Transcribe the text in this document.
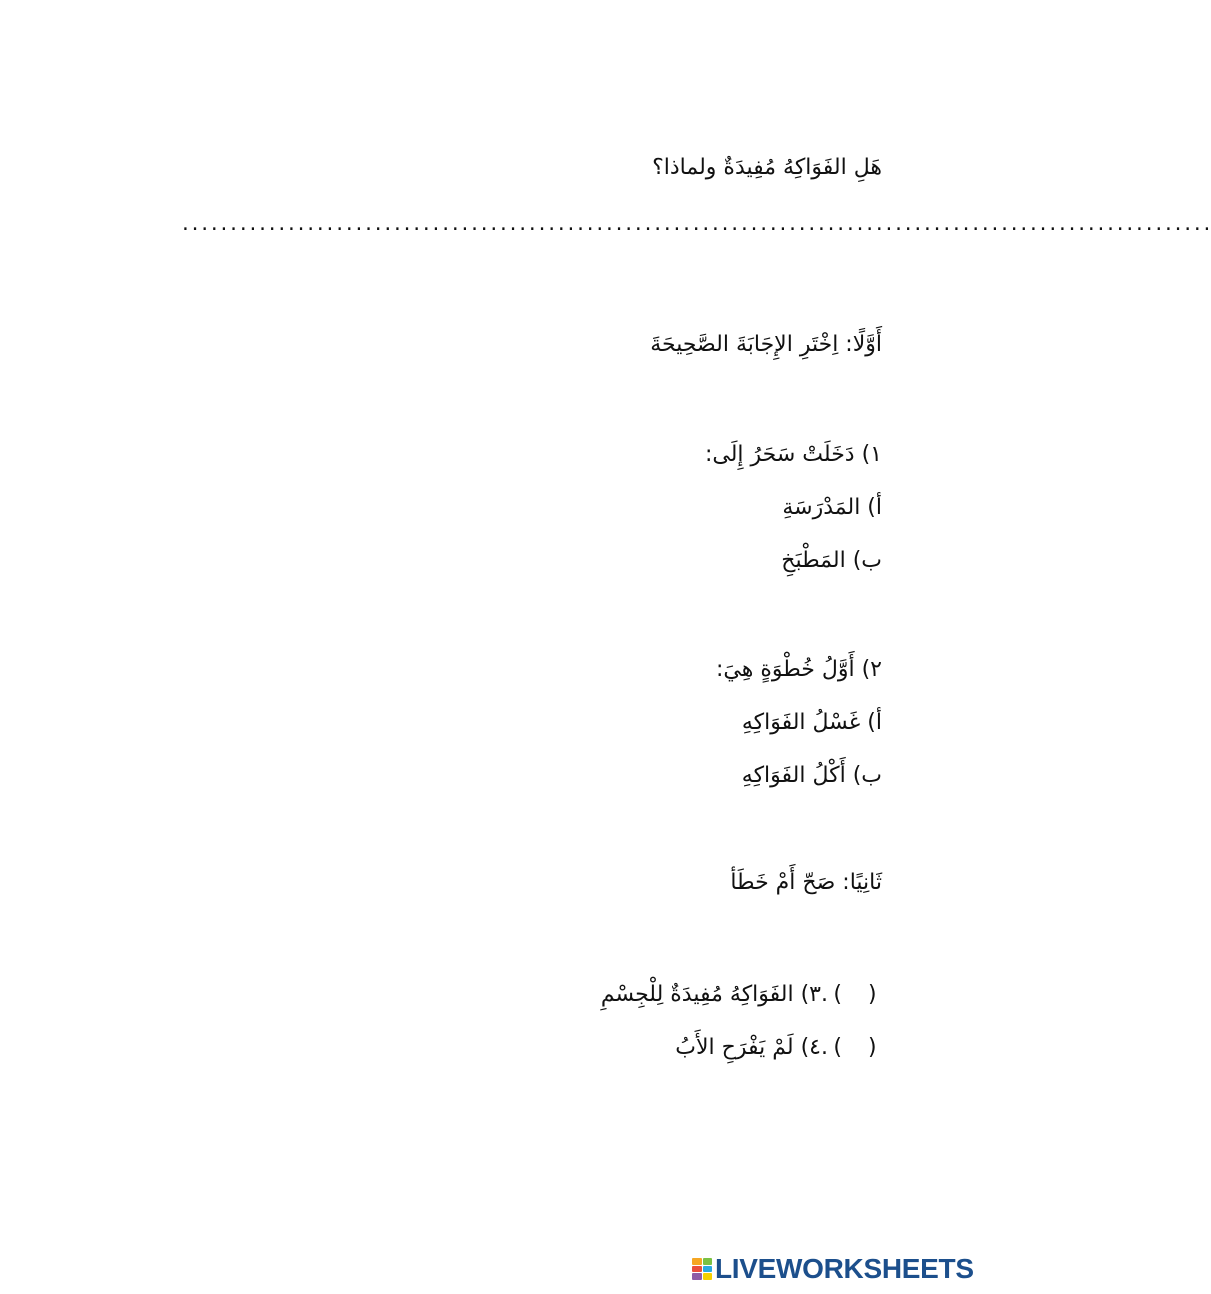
هَلِ الفَوَاكِهُ مُفِيدَةٌ ولماذا؟
...........................................................................................................
أَوَّلًا: اِخْتَرِ الإِجَابَةَ الصَّحِيحَةَ
١) دَخَلَتْ سَحَرُ إِلَى:
أ) المَدْرَسَةِ
ب) المَطْبَخِ
٢) أَوَّلُ خُطْوَةٍ هِيَ:
أ) غَسْلُ الفَوَاكِهِ
ب) أَكْلُ الفَوَاكِهِ
ثَانِيًا: صَحّ أَمْ خَطَأ
()
.٣) الفَوَاكِهُ مُفِيدَةٌ لِلْجِسْمِ
()
.٤) لَمْ يَفْرَحِ الأَبُ
LIVEWORKSHEETS
